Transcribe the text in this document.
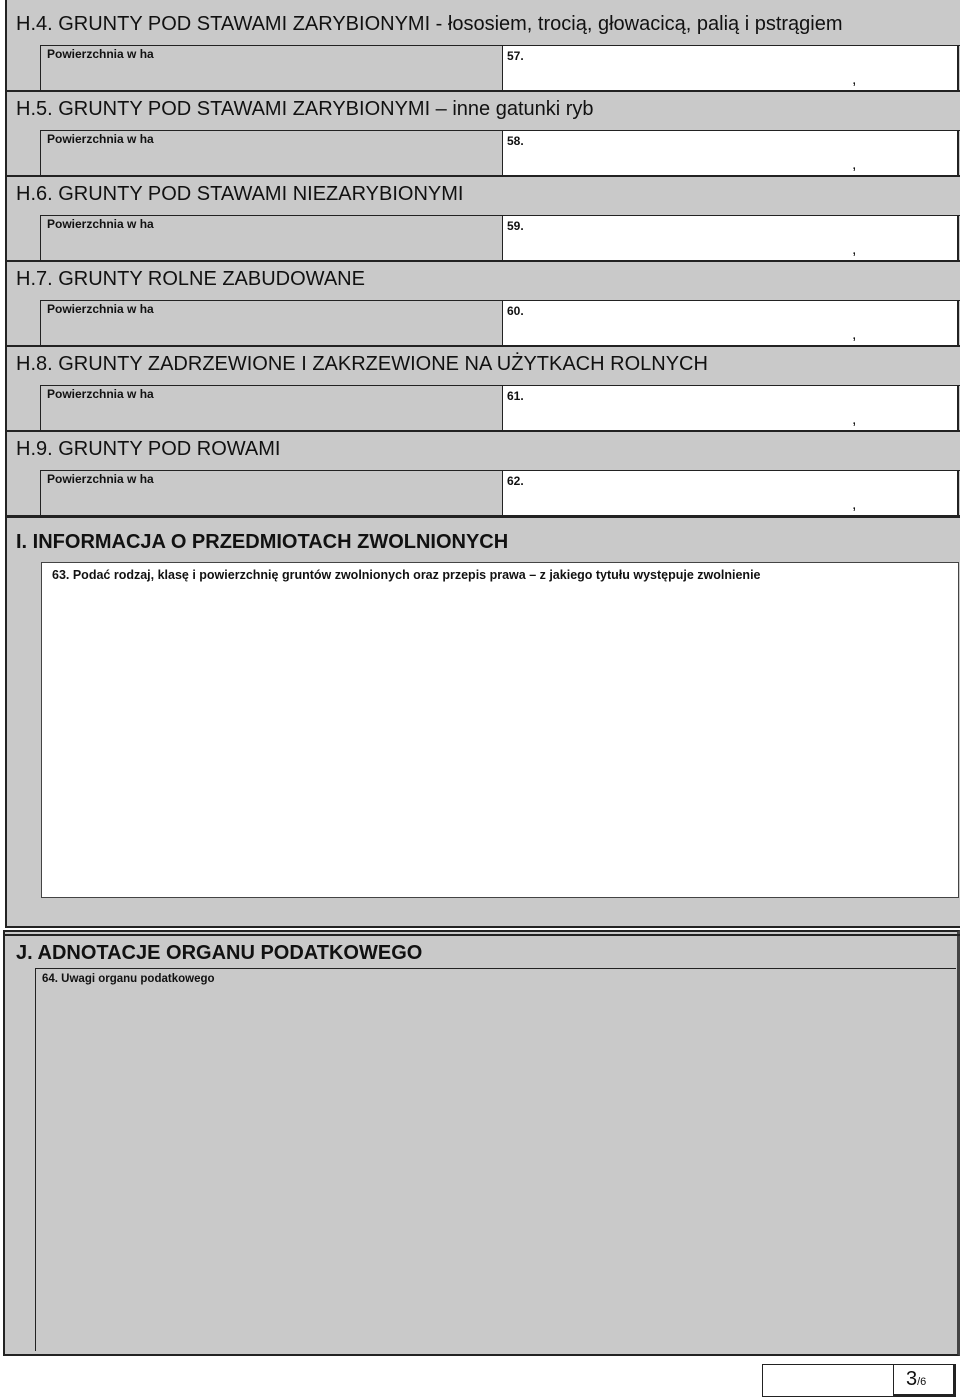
H.4. GRUNTY POD STAWAMI ZARYBIONYMI - łososiem, trocią, głowacicą, palią i pstrągiem
Powierzchnia w ha	57.
,
H.5. GRUNTY POD STAWAMI ZARYBIONYMI – inne gatunki ryb
Powierzchnia w ha	58.
,
H.6. GRUNTY POD STAWAMI NIEZARYBIONYMI
Powierzchnia w ha	59.
,
H.7. GRUNTY ROLNE ZABUDOWANE
Powierzchnia w ha	60.
,
H.8. GRUNTY ZADRZEWIONE I ZAKRZEWIONE NA UŻYTKACH ROLNYCH
Powierzchnia w ha	61.
,
H.9. GRUNTY POD ROWAMI
Powierzchnia w ha	62.
,
I. INFORMACJA O PRZEDMIOTACH ZWOLNIONYCH
63. Podać rodzaj, klasę i powierzchnię gruntów zwolnionych oraz przepis prawa – z jakiego tytułu występuje zwolnienie
J. ADNOTACJE ORGANU PODATKOWEGO
64. Uwagi organu podatkowego
3/6
